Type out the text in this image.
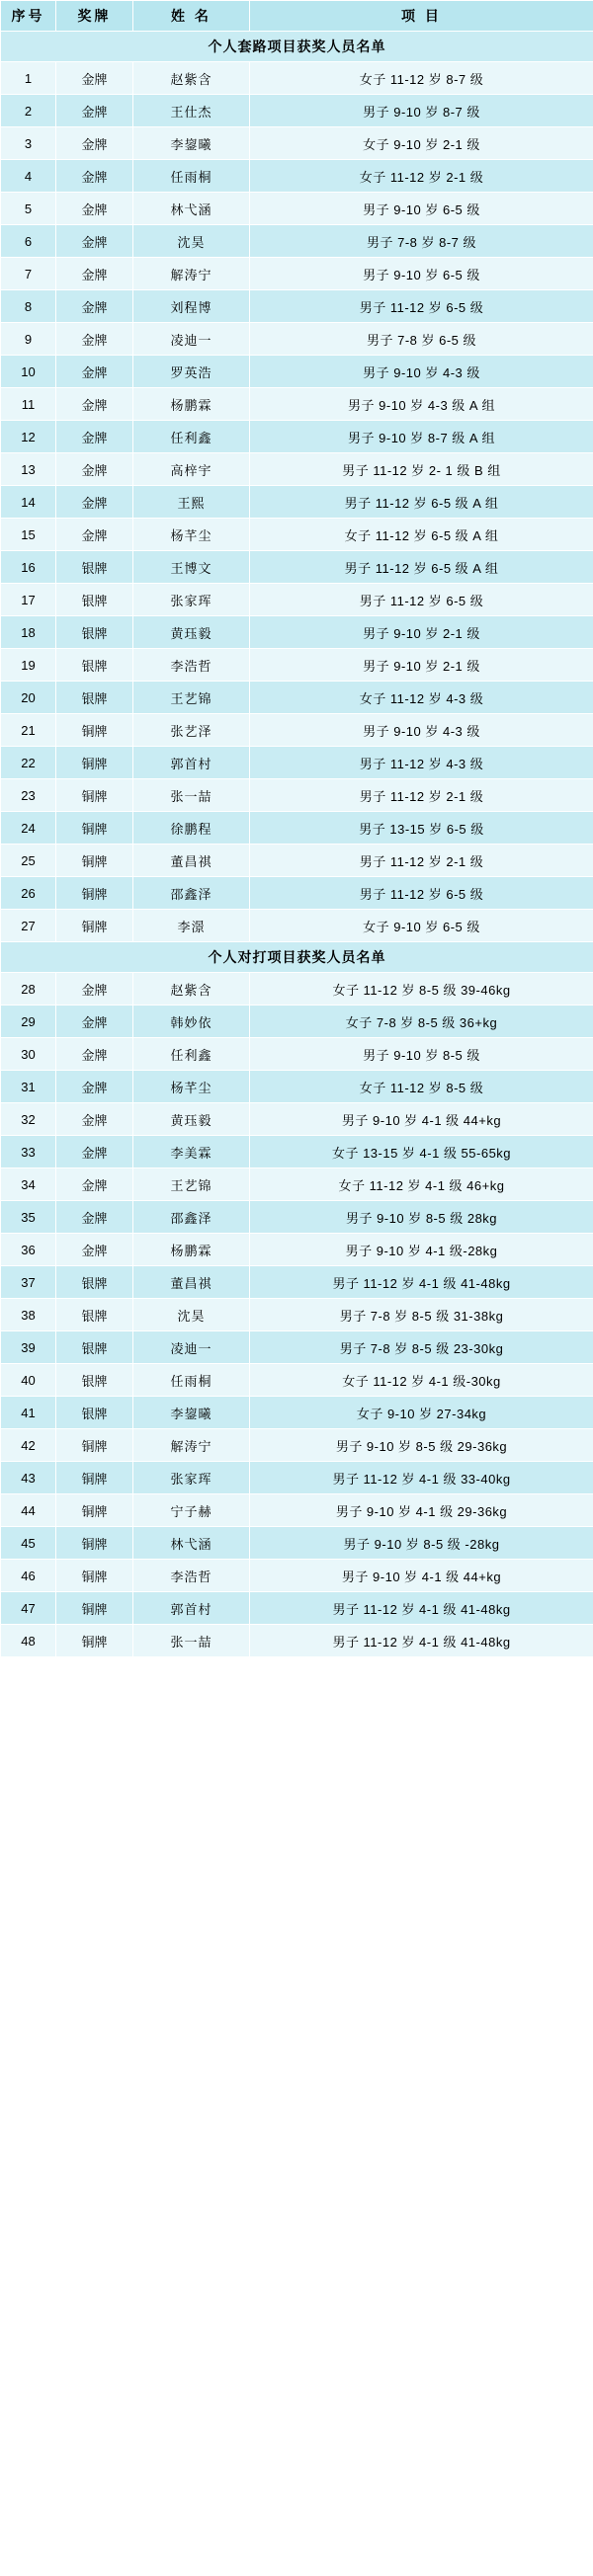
序号	奖牌	姓 名	项 目
个人套路项目获奖人员名单			
1	金牌	赵紫含	女子 11-12 岁 8-7 级
2	金牌	王仕杰	男子 9-10 岁 8-7 级
3	金牌	李鋆曦	女子 9-10 岁 2-1 级
4	金牌	任雨桐	女子 11-12 岁 2-1 级
5	金牌	林弋涵	男子 9-10 岁 6-5 级
6	金牌	沈昊	男子 7-8 岁 8-7 级
7	金牌	解涛宁	男子 9-10 岁 6-5 级
8	金牌	刘程博	男子 11-12 岁 6-5 级
9	金牌	凌迪一	男子 7-8 岁 6-5 级
10	金牌	罗英浩	男子 9-10 岁 4-3 级
11	金牌	杨鹏霖	男子 9-10 岁 4-3 级 A 组
12	金牌	任利鑫	男子 9-10 岁 8-7 级 A 组
13	金牌	高梓宇	男子 11-12 岁 2- 1 级 B 组
14	金牌	王熙	男子 11-12 岁 6-5 级 A 组
15	金牌	杨芊尘	女子 11-12 岁 6-5 级 A 组
16	银牌	王博文	男子 11-12 岁 6-5 级 A 组
17	银牌	张家珲	男子 11-12 岁 6-5 级
18	银牌	黄珏毅	男子 9-10 岁 2-1 级
19	银牌	李浩哲	男子 9-10 岁 2-1 级
20	银牌	王艺锦	女子 11-12 岁 4-3 级
21	铜牌	张艺泽	男子 9-10 岁 4-3 级
22	铜牌	郭首村	男子 11-12 岁 4-3 级
23	铜牌	张一喆	男子 11-12 岁 2-1 级
24	铜牌	徐鹏程	男子 13-15 岁 6-5 级
25	铜牌	董昌祺	男子 11-12 岁 2-1 级
26	铜牌	邵鑫泽	男子 11-12 岁 6-5 级
27	铜牌	李澋	女子 9-10 岁 6-5 级
个人对打项目获奖人员名单			
28	金牌	赵紫含	女子 11-12 岁 8-5 级 39-46kg
29	金牌	韩妙依	女子 7-8 岁 8-5 级 36+kg
30	金牌	任利鑫	男子 9-10 岁 8-5 级
31	金牌	杨芊尘	女子 11-12 岁 8-5 级
32	金牌	黄珏毅	男子 9-10 岁 4-1 级 44+kg
33	金牌	李美霖	女子 13-15 岁 4-1 级 55-65kg
34	金牌	王艺锦	女子 11-12 岁 4-1 级 46+kg
35	金牌	邵鑫泽	男子 9-10 岁 8-5 级 28kg
36	金牌	杨鹏霖	男子 9-10 岁 4-1 级-28kg
37	银牌	董昌祺	男子 11-12 岁 4-1 级 41-48kg
38	银牌	沈昊	男子 7-8 岁 8-5 级 31-38kg
39	银牌	凌迪一	男子 7-8 岁 8-5 级 23-30kg
40	银牌	任雨桐	女子 11-12 岁 4-1 级-30kg
41	银牌	李鋆曦	女子 9-10 岁 27-34kg
42	铜牌	解涛宁	男子 9-10 岁 8-5 级 29-36kg
43	铜牌	张家珲	男子 11-12 岁 4-1 级 33-40kg
44	铜牌	宁子赫	男子 9-10 岁 4-1 级 29-36kg
45	铜牌	林弋涵	男子 9-10 岁 8-5 级 -28kg
46	铜牌	李浩哲	男子 9-10 岁 4-1 级 44+kg
47	铜牌	郭首村	男子 11-12 岁 4-1 级 41-48kg
48	铜牌	张一喆	男子 11-12 岁 4-1 级 41-48kg
